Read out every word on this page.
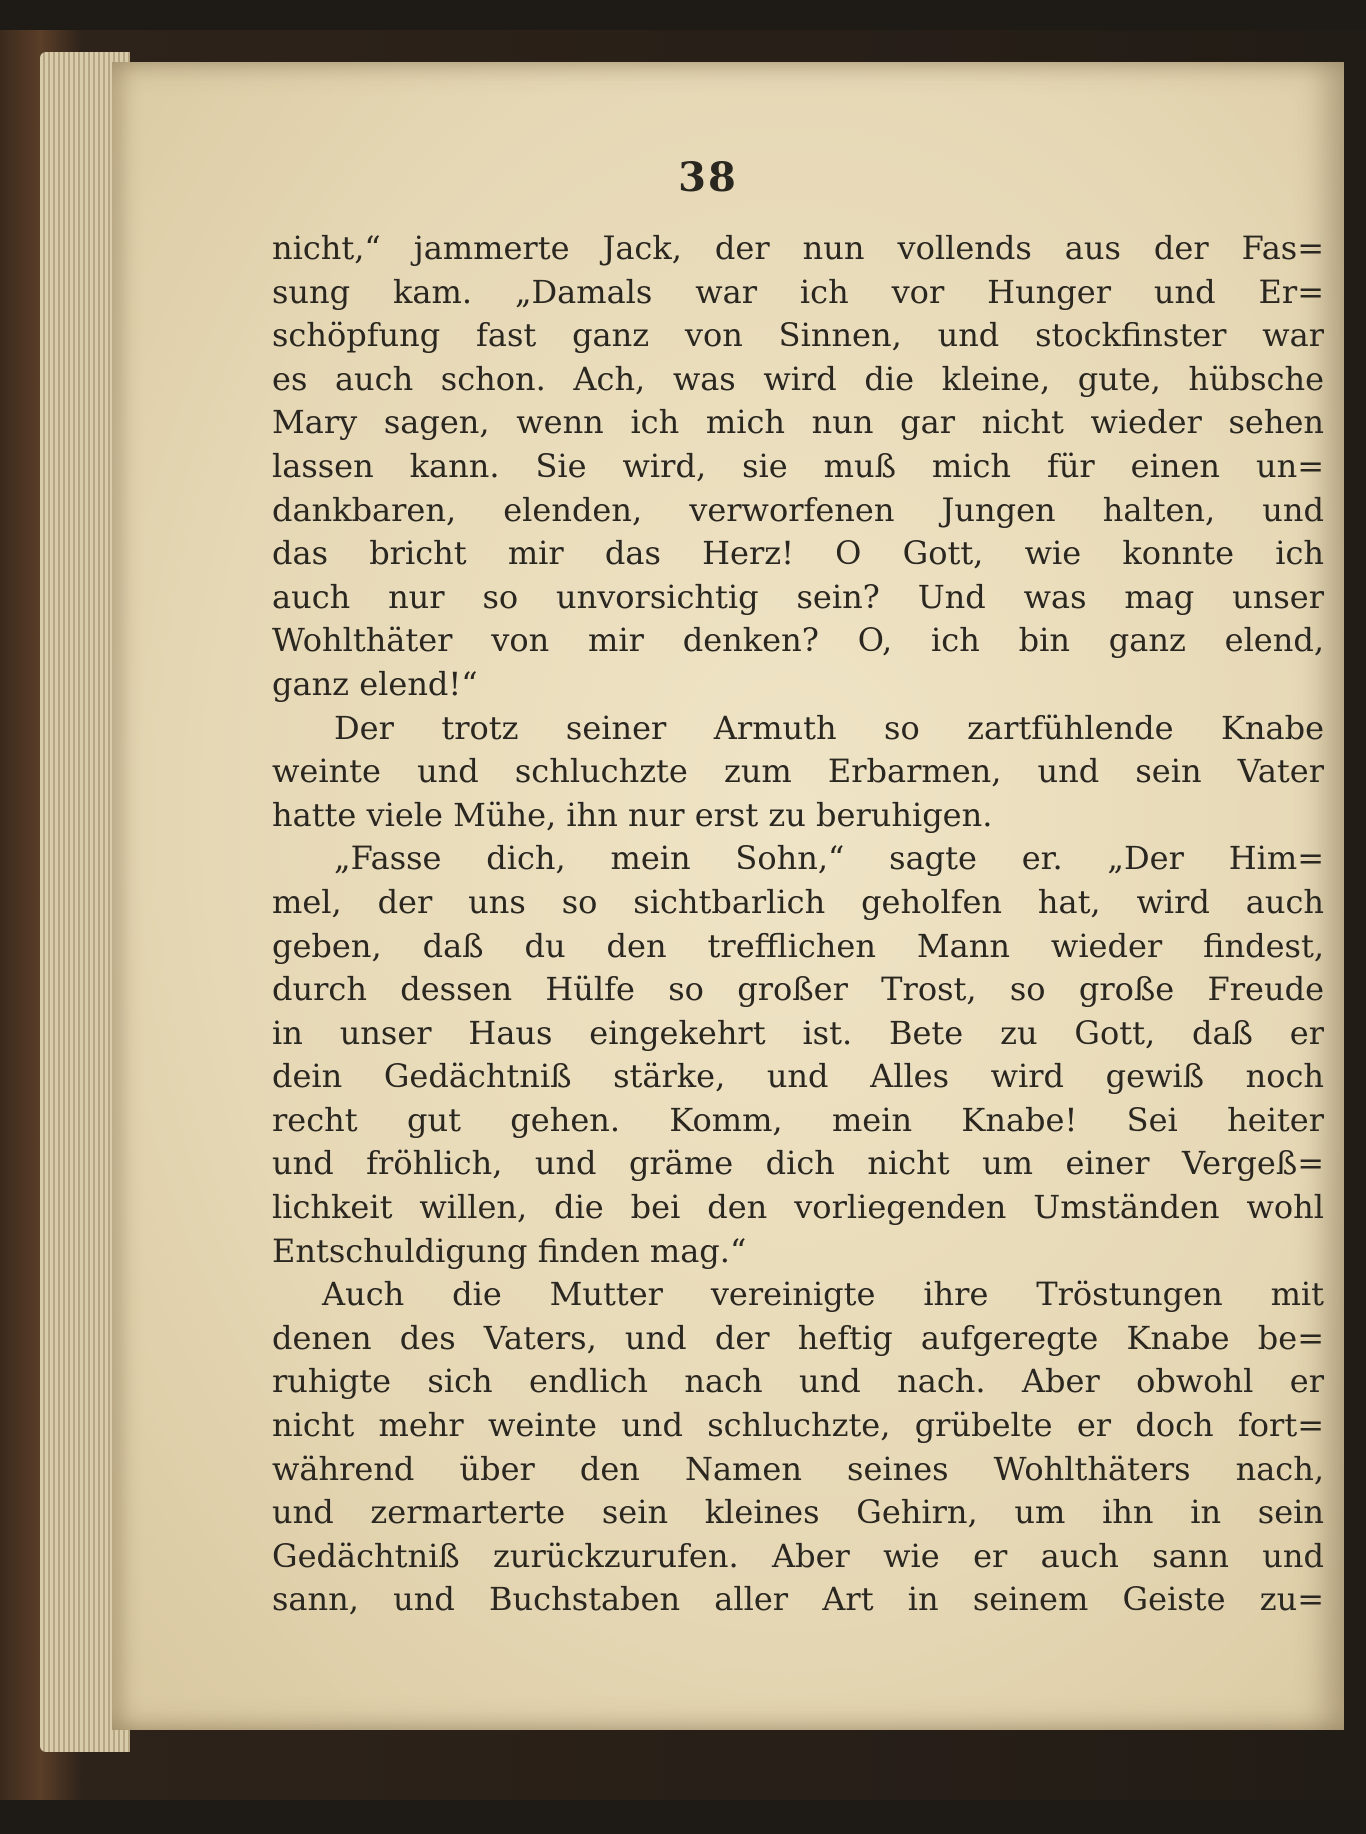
38
nicht,“ jammerte Jack, der nun vollends aus der Fas=
sung kam. „Damals war ich vor Hunger und Er=
schöpfung fast ganz von Sinnen, und stockfinster war
es auch schon. Ach, was wird die kleine, gute, hübsche
Mary sagen, wenn ich mich nun gar nicht wieder sehen
lassen kann. Sie wird, sie muß mich für einen un=
dankbaren, elenden, verworfenen Jungen halten, und
das bricht mir das Herz! O Gott, wie konnte ich
auch nur so unvorsichtig sein? Und was mag unser
Wohlthäter von mir denken? O, ich bin ganz elend,
ganz elend!“
Der trotz seiner Armuth so zartfühlende Knabe
weinte und schluchzte zum Erbarmen, und sein Vater
hatte viele Mühe, ihn nur erst zu beruhigen.
„Fasse dich, mein Sohn,“ sagte er. „Der Him=
mel, der uns so sichtbarlich geholfen hat, wird auch
geben, daß du den trefflichen Mann wieder findest,
durch dessen Hülfe so großer Trost, so große Freude
in unser Haus eingekehrt ist. Bete zu Gott, daß er
dein Gedächtniß stärke, und Alles wird gewiß noch
recht gut gehen. Komm, mein Knabe! Sei heiter
und fröhlich, und gräme dich nicht um einer Vergeß=
lichkeit willen, die bei den vorliegenden Umständen wohl
Entschuldigung finden mag.“
Auch die Mutter vereinigte ihre Tröstungen mit
denen des Vaters, und der heftig aufgeregte Knabe be=
ruhigte sich endlich nach und nach. Aber obwohl er
nicht mehr weinte und schluchzte, grübelte er doch fort=
während über den Namen seines Wohlthäters nach,
und zermarterte sein kleines Gehirn, um ihn in sein
Gedächtniß zurückzurufen. Aber wie er auch sann und
sann, und Buchstaben aller Art in seinem Geiste zu=
